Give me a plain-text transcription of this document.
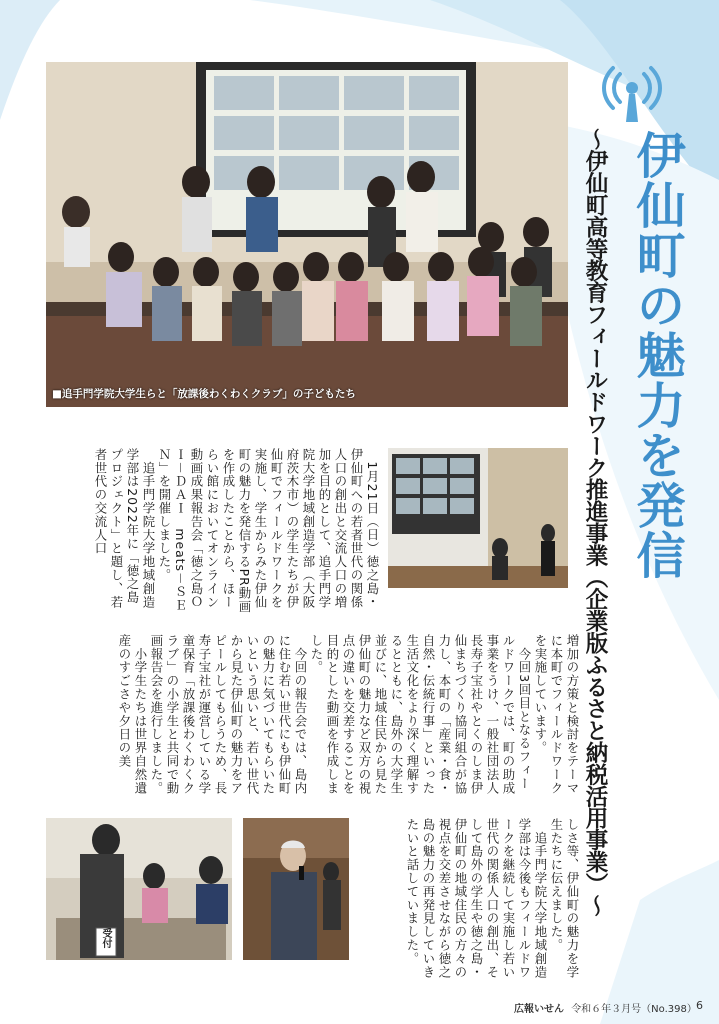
■追手門学院大学生らと「放課後わくわくクラブ」の子どもたち	伊仙町の魅力を発信
～伊仙町高等教育フィールドワーク推進事業（企業版ふるさと納税活用事業）～
　1月21日（日）徳之島・伊仙町への若者世代の関係人口の創出と交流人口の増加を目的として、追手門学院大学地域創造学部（大阪府茨木市）の学生たちが伊仙町でフィールドワークを実施し、学生からみた伊仙町の魅力を発信するPR動画を作成したことから、ほーらい館においてオンライン動画成果報告会「徳之島ＯＩ－ＤＡＩ　meats－ＳＥＮ」を開催しました。
　追手門学院大学地域創造学部は2022年に「徳之島プロジェクト」と題し、若者世代の交流人口
増加の方策と検討をテーマに本町でフィールドワークを実施しています。
　今回3回目となるフィールドワークでは、町の助成事業をうけ、一般社団法人長寿子宝社やとくのしま伊仙まちづくり協同組合が協力し、本町の「産業・食・自然・伝統行事」といった生活文化をより深く理解するとともに、島外の大学生並びに、地域住民から見た伊仙町の魅力など双方の視点の違いを交差することを目的とした動画を作成しました。
　今回の報告会では、島内に住む若い世代にも伊仙町の魅力に気づいてもらいたいという思いと、若い世代から見た伊仙町の魅力をアピールしてもらうため、長寿子宝社が運営している学童保育「放課後わくわくクラブ」の小学生と共同で動画報告会を進行しました。
　小学生たちは世界自然遺産のすごさや夕日の美
しさ等、伊仙町の魅力を学生たちに伝えました。
　追手門学院大学地域創造学部は今後もフィールドワークを継続して実施し若い世代の関係人口の創出、そして島外の学生や徳之島・伊仙町の地域住民の方々の視点を交差させながら徳之島の魅力の再発見していきたいと話していました。
受付
広報いせん 令和６年３月号（No.398） 6
